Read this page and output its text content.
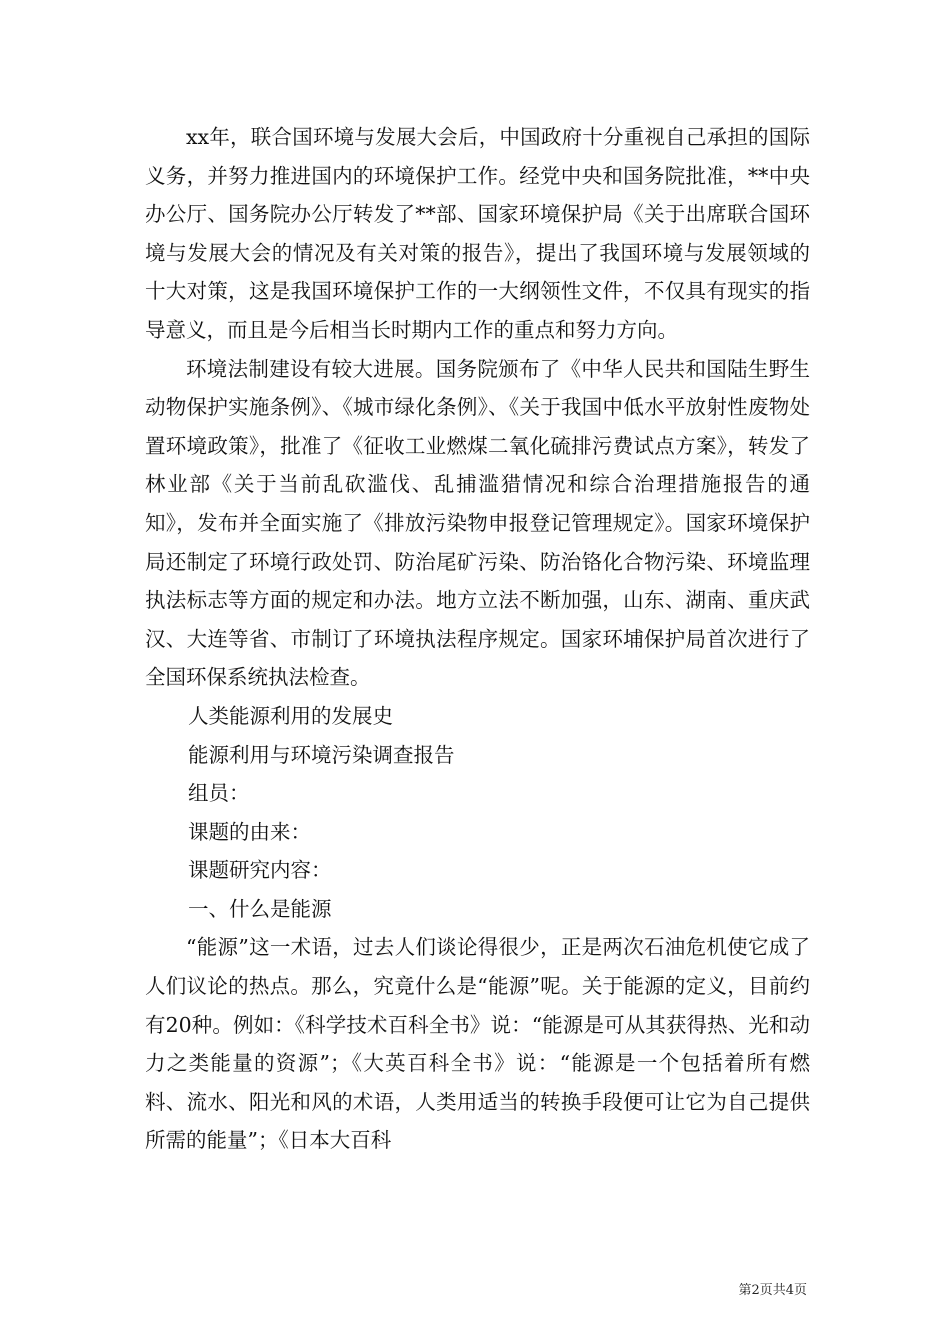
xx年，联合国环境与发展大会后，中国政府十分重视自己承担的国际义务，并努力推进国内的环境保护工作。经党中央和国务院批准，**中央办公厅、国务院办公厅转发了**部、国家环境保护局《关于出席联合国环境与发展大会的情况及有关对策的报告》，提出了我国环境与发展领域的十大对策，这是我国环境保护工作的一大纲领性文件，不仅具有现实的指导意义，而且是今后相当长时期内工作的重点和努力方向。

环境法制建设有较大进展。国务院颁布了《中华人民共和国陆生野生动物保护实施条例》、《城市绿化条例》、《关于我国中低水平放射性废物处置环境政策》，批准了《征收工业燃煤二氧化硫排污费试点方案》，转发了林业部《关于当前乱砍滥伐、乱捕滥猎情况和综合治理措施报告的通知》，发布并全面实施了《排放污染物申报登记管理规定》。国家环境保护局还制定了环境行政处罚、防治尾矿污染、防治铬化合物污染、环境监理执法标志等方面的规定和办法。地方立法不断加强，山东、湖南、重庆武汉、大连等省、市制订了环境执法程序规定。国家环埔保护局首次进行了全国环保系统执法检查。

人类能源利用的发展史

能源利用与环境污染调查报告

组员：

课题的由来：

课题研究内容：

一、什么是能源

“能源”这一术语，过去人们谈论得很少，正是两次石油危机使它成了人们议论的热点。那么，究竟什么是“能源”呢。关于能源的定义，目前约有20种。例如：《科学技术百科全书》说：“能源是可从其获得热、光和动力之类能量的资源”；《大英百科全书》说：“能源是一个包括着所有燃料、流水、阳光和风的术语，人类用适当的转换手段便可让它为自己提供所需的能量”；《日本大百科

第2页共4页
